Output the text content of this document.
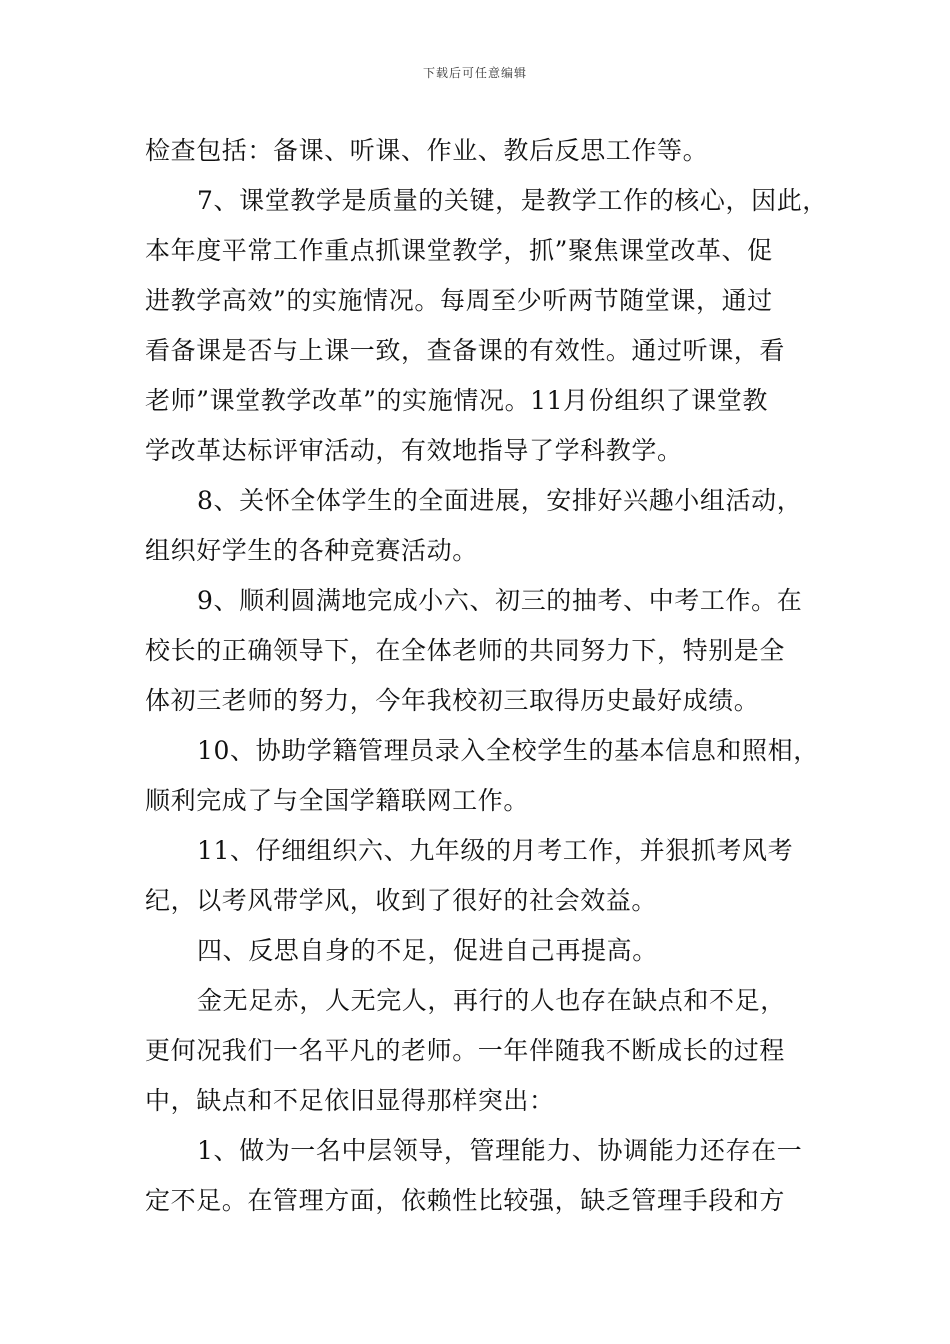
下载后可任意编辑
检查包括：备课、听课、作业、教后反思工作等。
7、课堂教学是质量的关键，是教学工作的核心，因此，
本年度平常工作重点抓课堂教学，抓”聚焦课堂改革、促
进教学高效”的实施情况。每周至少听两节随堂课，通过
看备课是否与上课一致，查备课的有效性。通过听课，看
老师”课堂教学改革”的实施情况。11月份组织了课堂教
学改革达标评审活动，有效地指导了学科教学。
8、关怀全体学生的全面进展，安排好兴趣小组活动，
组织好学生的各种竞赛活动。
9、顺利圆满地完成小六、初三的抽考、中考工作。在
校长的正确领导下，在全体老师的共同努力下，特别是全
体初三老师的努力，今年我校初三取得历史最好成绩。
10、协助学籍管理员录入全校学生的基本信息和照相，
顺利完成了与全国学籍联网工作。
11、仔细组织六、九年级的月考工作，并狠抓考风考
纪，以考风带学风，收到了很好的社会效益。
四、反思自身的不足，促进自己再提高。
金无足赤，人无完人，再行的人也存在缺点和不足，
更何况我们一名平凡的老师。一年伴随我不断成长的过程
中，缺点和不足依旧显得那样突出：
1、做为一名中层领导，管理能力、协调能力还存在一
定不足。在管理方面，依赖性比较强，缺乏管理手段和方
